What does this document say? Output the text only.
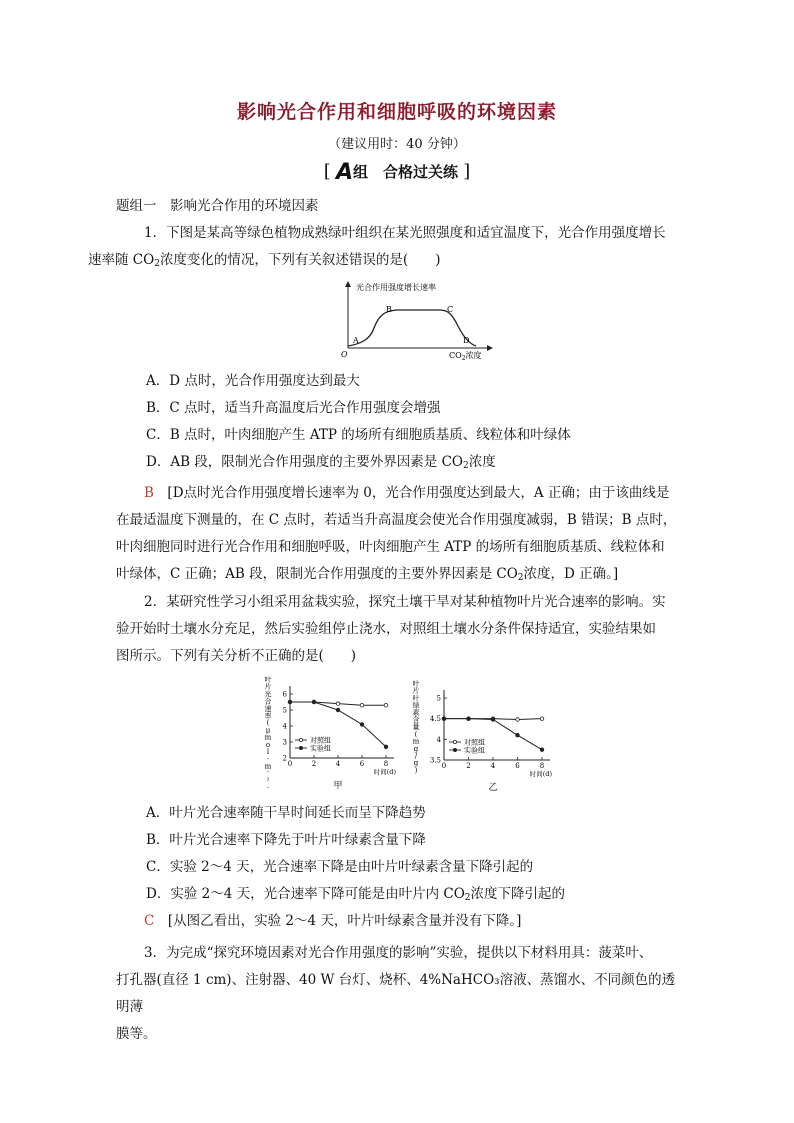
影响光合作用和细胞呼吸的环境因素
（建议用时：40 分钟）
[ A组　合格过关练 ]
题组一　影响光合作用的环境因素
1．下图是某高等绿色植物成熟绿叶组织在某光照强度和适宜温度下，光合作用强度增长
速率随 $CO_2$浓度变化的情况，下列有关叙述错误的是(　　)
光合作用强度增长速率
O
A
B	C
D
$CO_2$浓度
A．D 点时，光合作用强度达到最大
B．C 点时，适当升高温度后光合作用强度会增强
C．B 点时，叶肉细胞产生 ATP 的场所有细胞质基质、线粒体和叶绿体
D．AB 段，限制光合作用强度的主要外界因素是 $CO_2$浓度
B　 [D点时光合作用强度增长速率为 0，光合作用强度达到最大，A 正确；由于该曲线是
在最适温度下测量的，在 C 点时，若适当升高温度会使光合作用强度减弱，B 错误；B 点时，
叶肉细胞同时进行光合作用和细胞呼吸，叶肉细胞产生 ATP 的场所有细胞质基质、线粒体和
叶绿体，C 正确；AB 段，限制光合作用强度的主要外界因素是 $CO_2$浓度，D 正确。]
2．某研究性学习小组采用盆栽实验，探究土壤干旱对某种植物叶片光合速率的影响。实
验开始时土壤水分充足，然后实验组停止浇水，对照组土壤水分条件保持适宜，实验结果如
图所示。下列有关分析不正确的是(　　)
0	2	4	6	8
2
3
4
5
6
时间(d)
叶片光合速率( μ m o l · m ⁻ ² ·
对照组
实验组
甲
0	2	4	6	8
3.5
4
4.5
5
时间(d)
叶片叶绿素含量( m g / g )
对照组
实验组
乙
A．叶片光合速率随干旱时间延长而呈下降趋势
B．叶片光合速率下降先于叶片叶绿素含量下降
C．实验 2～4 天，光合速率下降是由叶片叶绿素含量下降引起的
D．实验 2～4 天，光合速率下降可能是由叶片内 $CO_2$浓度下降引起的
C　 [从图乙看出，实验 2～4 天，叶片叶绿素含量并没有下降。]
3．为完成“探究环境因素对光合作用强度的影响”实验，提供以下材料用具：菠菜叶、
打孔器(直径 1 cm)、注射器、40 W 台灯、烧杯、4%NaHCO₃溶液、蒸馏水、不同颜色的透明薄
膜等。
